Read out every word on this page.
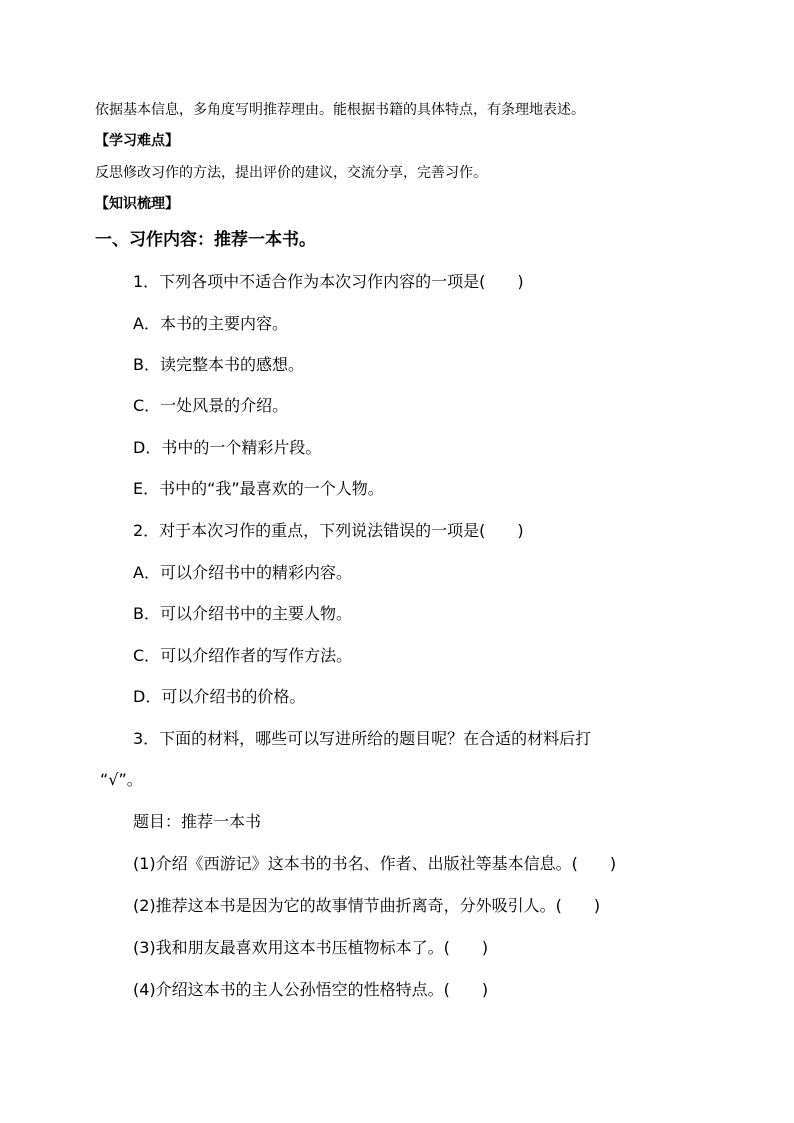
依据基本信息，多角度写明推荐理由。能根据书籍的具体特点，有条理地表述。
【学习难点】
反思修改习作的方法，提出评价的建议，交流分享，完善习作。
【知识梳理】
一、习作内容：推荐一本书。
1．下列各项中不适合作为本次习作内容的一项是(　　)
A．本书的主要内容。
B．读完整本书的感想。
C．一处风景的介绍。
D．书中的一个精彩片段。
E．书中的“我”最喜欢的一个人物。
2．对于本次习作的重点，下列说法错误的一项是(　　)
A．可以介绍书中的精彩内容。
B．可以介绍书中的主要人物。
C．可以介绍作者的写作方法。
D．可以介绍书的价格。
3．下面的材料，哪些可以写进所给的题目呢？在合适的材料后打
“√”。
题目：推荐一本书
(1)介绍《西游记》这本书的书名、作者、出版社等基本信息。(　　)
(2)推荐这本书是因为它的故事情节曲折离奇，分外吸引人。(　　)
(3)我和朋友最喜欢用这本书压植物标本了。(　　)
(4)介绍这本书的主人公孙悟空的性格特点。(　　)
